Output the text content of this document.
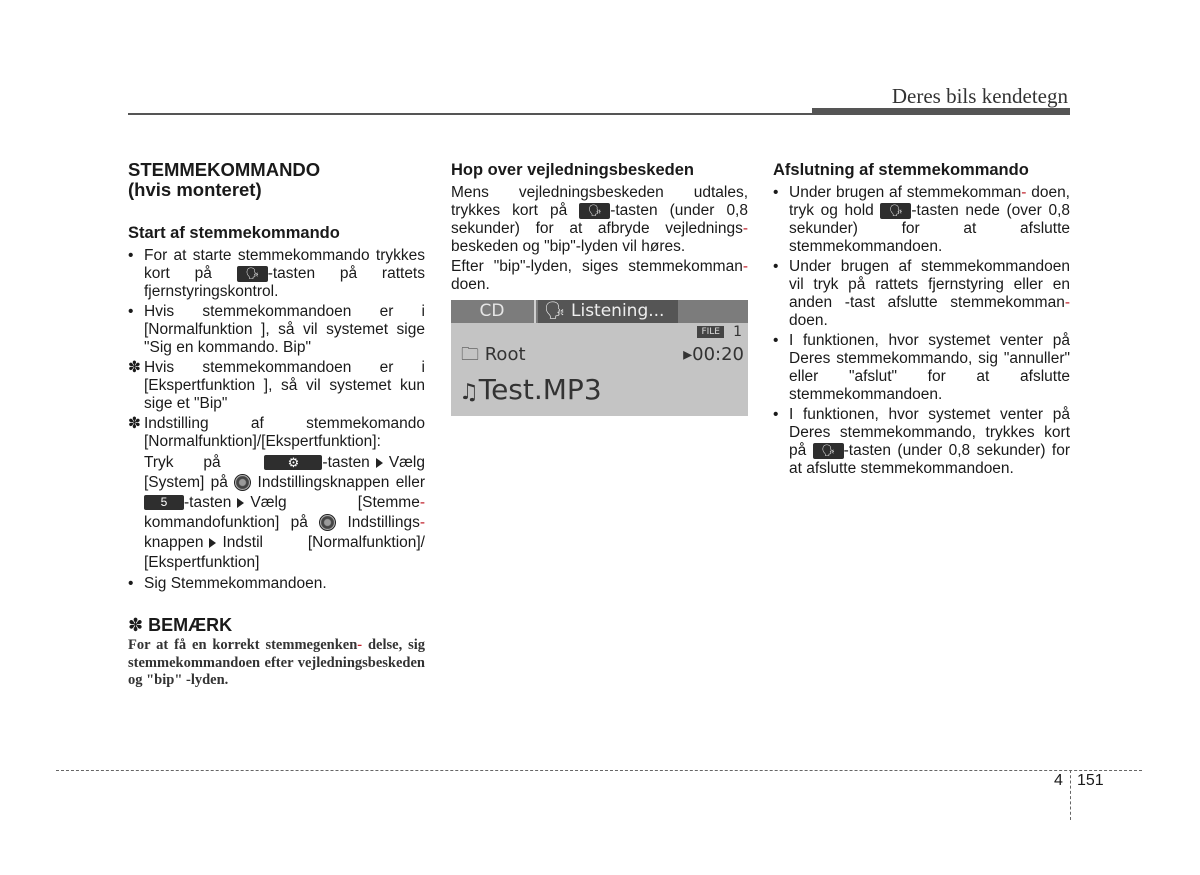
Deres bils kendetegn
STEMMEKOMMANDO
(hvis monteret)
Start af stemmekommando
• For at starte stemmekommando trykkes kort på 🗣 -tasten på rattets fjernstyringskontrol.
• Hvis stemmekommandoen er i [Normalfunktion ], så vil systemet sige "Sig en kommando. Bip"
✽ Hvis stemmekommandoen er i [Ekspertfunktion ], så vil systemet kun sige et "Bip"
✽ Indstilling af stemmekomando [Normalfunktion]/[Ekspertfunktion]:
Tryk på	⚙ -tasten Vælg [System] på Indstillingsknappen eller 5 -tasten Vælg [Stemme- kommandofunktion] på	Indstillings- knappen Indstil [Normalfunktion]/ [Ekspertfunktion]
• Sig Stemmekommandoen.
✽ BEMÆRK
For at få en korrekt stemmegenken- delse, sig stemmekommandoen efter vejledningsbeskeden og "bip" -lyden.
Hop over vejledningsbeskeden

Mens vejledningsbeskeden udtales, trykkes kort på 🗣 -tasten (under 0,8 sekunder) for at afbryde vejlednings- beskeden og "bip"-lyden vil høres.

Efter "bip"-lyden, siges stemmekomman- doen.

CD	🗣 Listening...
FILE 1
🗀 Root	▸00:20
♫Test.MP3
Afslutning af stemmekommando
• Under brugen af stemmekomman- doen, tryk og hold 🗣 -tasten nede (over 0,8 sekunder) for at afslutte stemmekommandoen.
• Under brugen af stemmekommandoen vil tryk på rattets fjernstyring eller en anden -tast afslutte stemmekomman- doen.
• I funktionen, hvor systemet venter på Deres stemmekommando, sig "annuller" eller "afslut" for at afslutte stemmekommandoen.
• I funktionen, hvor systemet venter på Deres stemmekommando, trykkes kort på 🗣 -tasten (under 0,8 sekunder) for at afslutte stemmekommandoen.
4 151
